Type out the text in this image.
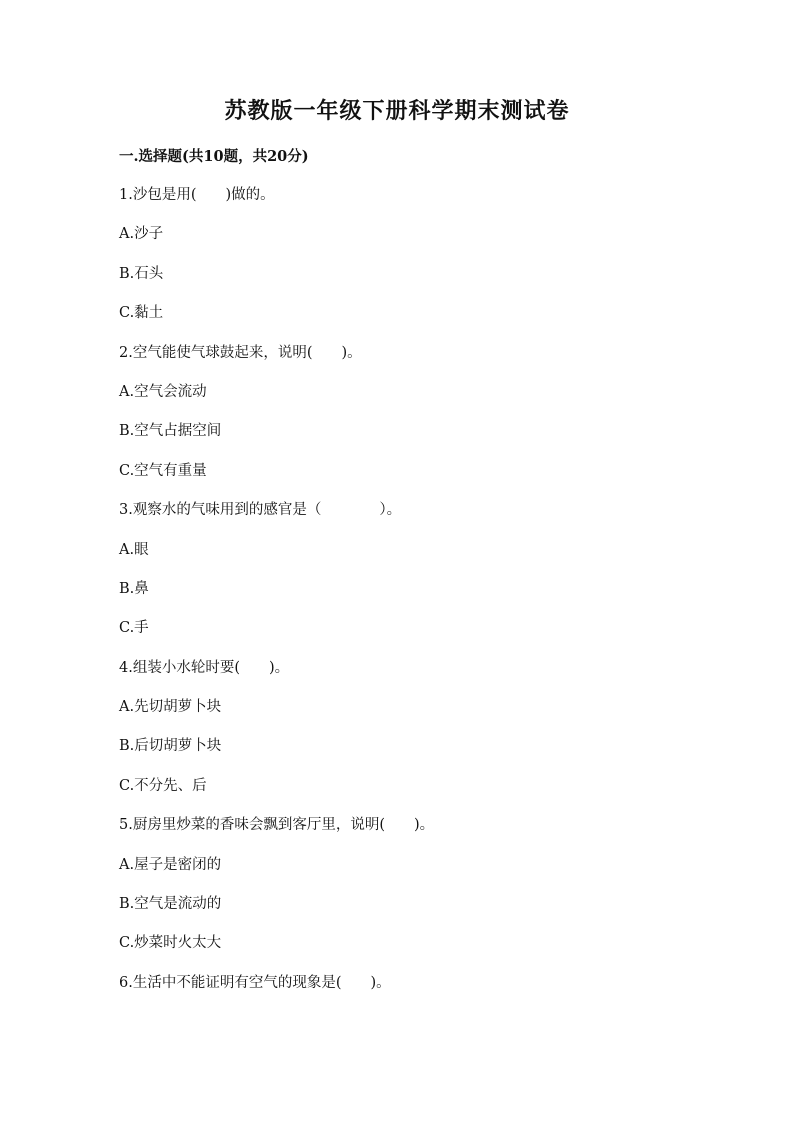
苏教版一年级下册科学期末测试卷
一.选择题(共10题，共20分)
1.沙包是用(　　)做的。
A.沙子
B.石头
C.黏土
2.空气能使气球鼓起来，说明(　　)。
A.空气会流动
B.空气占据空间
C.空气有重量
3.观察水的气味用到的感官是（　　　　）。
A.眼
B.鼻
C.手
4.组装小水轮时要(　　)。
A.先切胡萝卜块
B.后切胡萝卜块
C.不分先、后
5.厨房里炒菜的香味会飘到客厅里，说明(　　)。
A.屋子是密闭的
B.空气是流动的
C.炒菜时火太大
6.生活中不能证明有空气的现象是(　　)。
